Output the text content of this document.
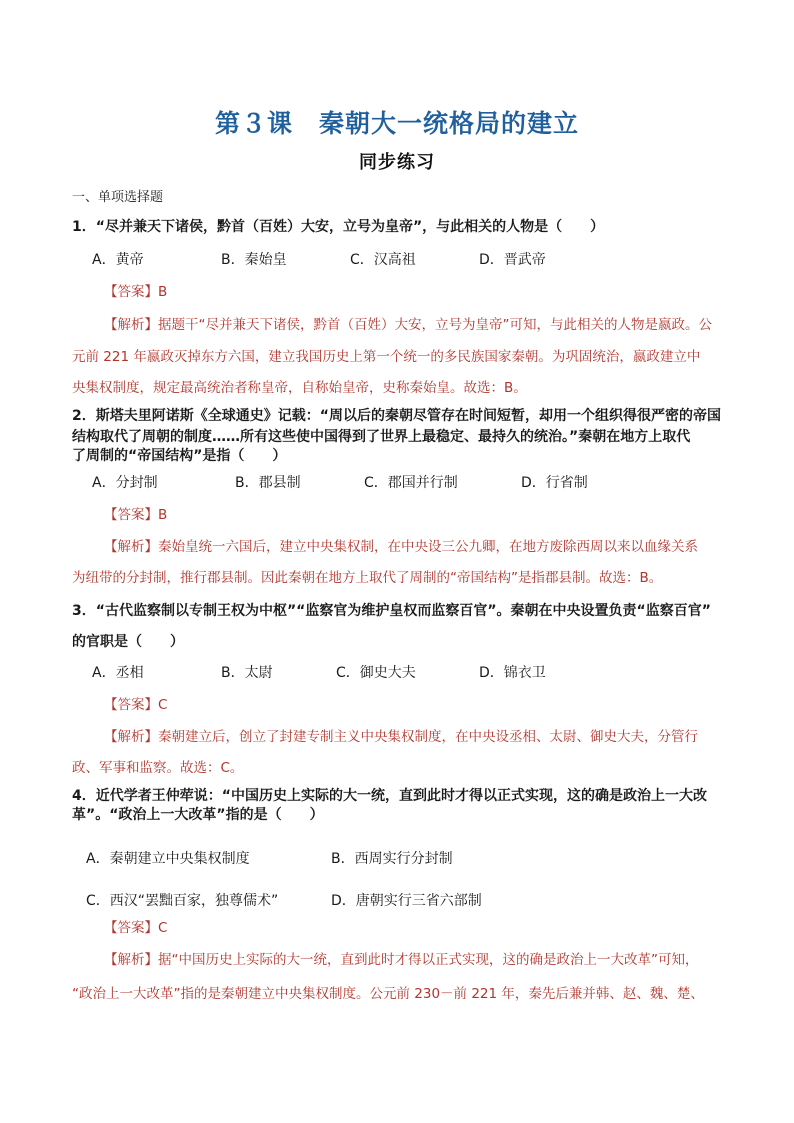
第３课　秦朝大一统格局的建立
同步练习
一、单项选择题
1．“尽并兼天下诸侯，黔首（百姓）大安，立号为皇帝”，与此相关的人物是（　　）
A．黄帝	B．秦始皇	C．汉高祖	D．晋武帝
【答案】B
【解析】据题干“尽并兼天下诸侯，黔首（百姓）大安，立号为皇帝”可知，与此相关的人物是嬴政。公
元前 221 年嬴政灭掉东方六国，建立我国历史上第一个统一的多民族国家秦朝。为巩固统治，嬴政建立中
央集权制度，规定最高统治者称皇帝，自称始皇帝，史称秦始皇。故选：B。
2．斯塔夫里阿诺斯《全球通史》记载：“周以后的秦朝尽管存在时间短暂，却用一个组织得很严密的帝国
结构取代了周朝的制度……所有这些使中国得到了世界上最稳定、最持久的统治。”秦朝在地方上取代
了周制的“帝国结构”是指（　　）
A．分封制	B．郡县制	C．郡国并行制	D．行省制
【答案】B
【解析】秦始皇统一六国后，建立中央集权制，在中央设三公九卿，在地方废除西周以来以血缘关系
为纽带的分封制，推行郡县制。因此秦朝在地方上取代了周制的“帝国结构”是指郡县制。故选：B。
3．“古代监察制以专制王权为中枢”“监察官为维护皇权而监察百官”。秦朝在中央设置负责“监察百官”
的官职是（　　）
A．丞相	B．太尉	C．御史大夫	D．锦衣卫
【答案】C
【解析】秦朝建立后，创立了封建专制主义中央集权制度，在中央设丞相、太尉、御史大夫，分管行
政、军事和监察。故选：C。
4．近代学者王仲荦说：“中国历史上实际的大一统，直到此时才得以正式实现，这的确是政治上一大改
革”。“政治上一大改革”指的是（　　）
A．秦朝建立中央集权制度	B．西周实行分封制
C．西汉“罢黜百家，独尊儒术”	D．唐朝实行三省六部制
【答案】C
【解析】据“中国历史上实际的大一统，直到此时才得以正式实现，这的确是政治上一大改革”可知，
“政治上一大改革”指的是秦朝建立中央集权制度。公元前 230－前 221 年，秦先后兼并韩、赵、魏、楚、
